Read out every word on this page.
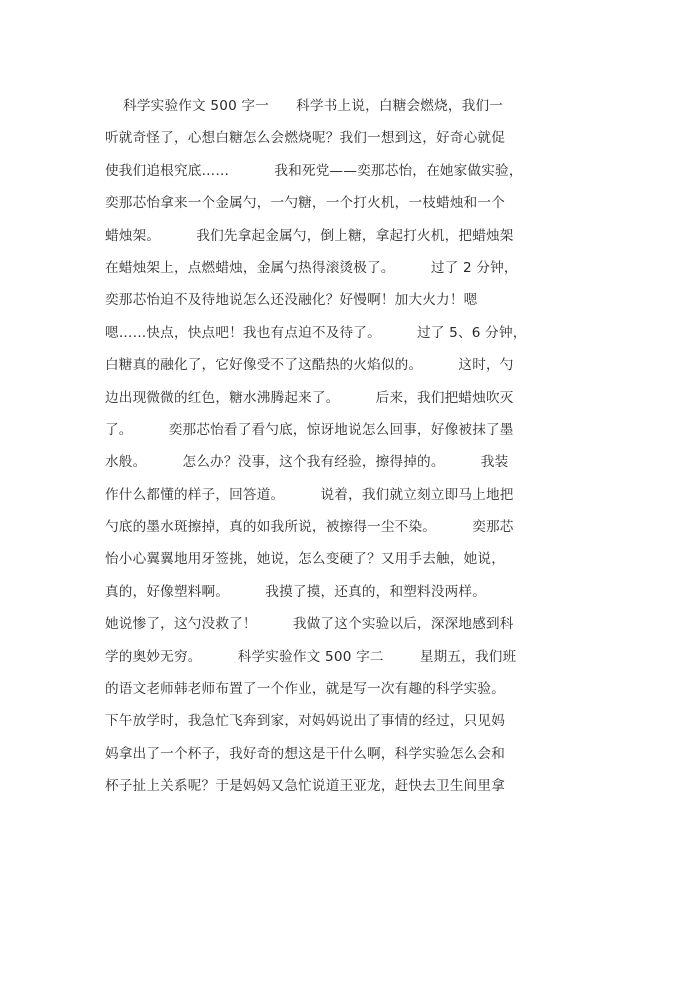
科学实验作文 500 字一      科学书上说，白糖会燃烧，我们一
听就奇怪了，心想白糖怎么会燃烧呢？我们一想到这，好奇心就促
使我们追根究底……          我和死党——奕那芯怡，在她家做实验，
奕那芯怡拿来一个金属勺，一勺糖，一个打火机，一枝蜡烛和一个
蜡烛架。        我们先拿起金属勺，倒上糖，拿起打火机，把蜡烛架
在蜡烛架上，点燃蜡烛，金属勺热得滚烫极了。        过了 2 分钟，
奕那芯怡迫不及待地说怎么还没融化？好慢啊！加大火力！嗯
嗯……快点，快点吧！我也有点迫不及待了。        过了 5、6 分钟，
白糖真的融化了，它好像受不了这酷热的火焰似的。        这时，勺
边出现微微的红色，糖水沸腾起来了。        后来，我们把蜡烛吹灭
了。        奕那芯怡看了看勺底，惊讶地说怎么回事，好像被抹了墨
水般。        怎么办？没事，这个我有经验，擦得掉的。        我装
作什么都懂的样子，回答道。        说着，我们就立刻立即马上地把
勺底的墨水斑擦掉，真的如我所说，被擦得一尘不染。        奕那芯
怡小心翼翼地用牙签挑，她说，怎么变硬了？又用手去触，她说，
真的，好像塑料啊。        我摸了摸，还真的，和塑料没两样。
她说惨了，这勺没救了！        我做了这个实验以后，深深地感到科
学的奥妙无穷。        科学实验作文 500 字二        星期五，我们班
的语文老师韩老师布置了一个作业，就是写一次有趣的科学实验。
下午放学时，我急忙飞奔到家，对妈妈说出了事情的经过，只见妈
妈拿出了一个杯子，我好奇的想这是干什么啊，科学实验怎么会和
杯子扯上关系呢？于是妈妈又急忙说道王亚龙，赶快去卫生间里拿
